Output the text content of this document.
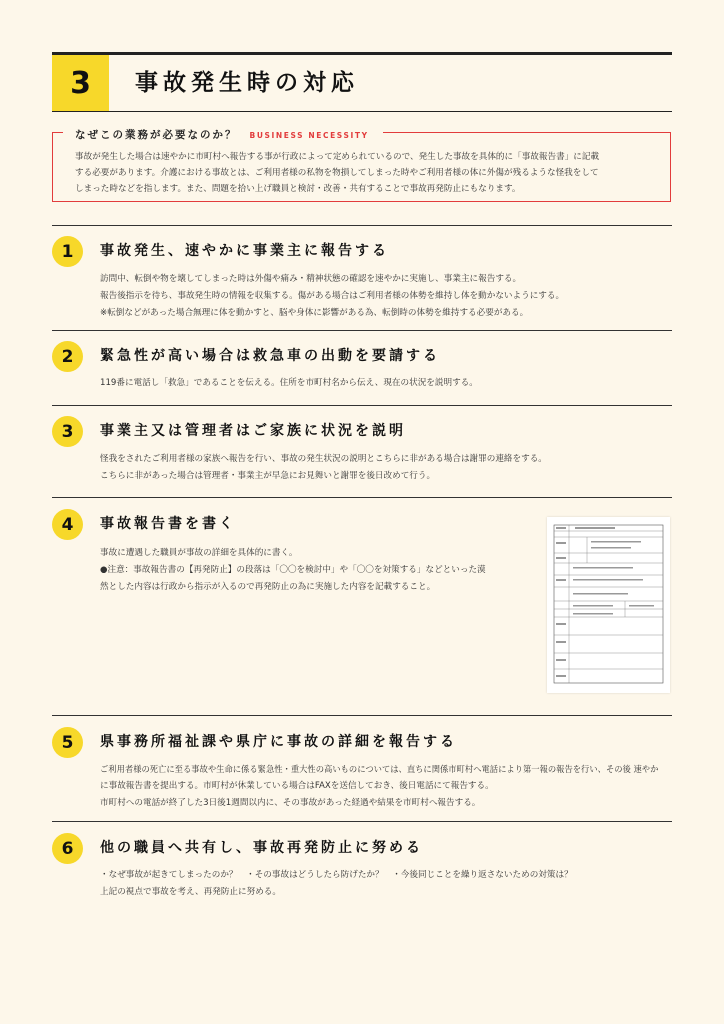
3	事故発生時の対応
なぜこの業務が必要なのか？ BUSINESS NECESSITY
事故が発生した場合は速やかに市町村へ報告する事が行政によって定められているので、発生した事故を具体的に「事故報告書」に記載
する必要があります。介護における事故とは、ご利用者様の私物を物損してしまった時やご利用者様の体に外傷が残るような怪我をして
しまった時などを指します。また、問題を拾い上げ職員と検討・改善・共有することで事故再発防止にもなります。
1	事故発生、速やかに事業主に報告する
訪問中、転倒や物を壊してしまった時は外傷や痛み・精神状態の確認を速やかに実施し、事業主に報告する。
報告後指示を待ち、事故発生時の情報を収集する。傷がある場合はご利用者様の体勢を維持し体を動かないようにする。
※転倒などがあった場合無理に体を動かすと、脳や身体に影響がある為、転倒時の体勢を維持する必要がある。
2	緊急性が高い場合は救急車の出動を要請する
119番に電話し「救急」であることを伝える。住所を市町村名から伝え、現在の状況を説明する。
3	事業主又は管理者はご家族に状況を説明
怪我をされたご利用者様の家族へ報告を行い、事故の発生状況の説明とこちらに非がある場合は謝罪の連絡をする。
こちらに非があった場合は管理者・事業主が早急にお見舞いと謝罪を後日改めて行う。
4	事故報告書を書く
事故に遭遇した職員が事故の詳細を具体的に書く。
●注意：事故報告書の【再発防止】の段落は「〇〇を検討中」や「〇〇を対策する」などといった漠
然とした内容は行政から指示が入るので再発防止の為に実施した内容を記載すること。
5	県事務所福祉課や県庁に事故の詳細を報告する
ご利用者様の死亡に至る事故や生命に係る緊急性・重大性の高いものについては、直ちに関係市町村へ電話により第一報の報告を行い、その後 速やか
に事故報告書を提出する。市町村が休業している場合はFAXを送信しておき、後日電話にて報告する。
市町村への電話が終了した3日後1週間以内に、その事故があった経過や結果を市町村へ報告する。
6	他の職員へ共有し、事故再発防止に努める
・なぜ事故が起きてしまったのか？　・その事故はどうしたら防げたか？　・今後同じことを繰り返さないための対策は？
上記の視点で事故を考え、再発防止に努める。
